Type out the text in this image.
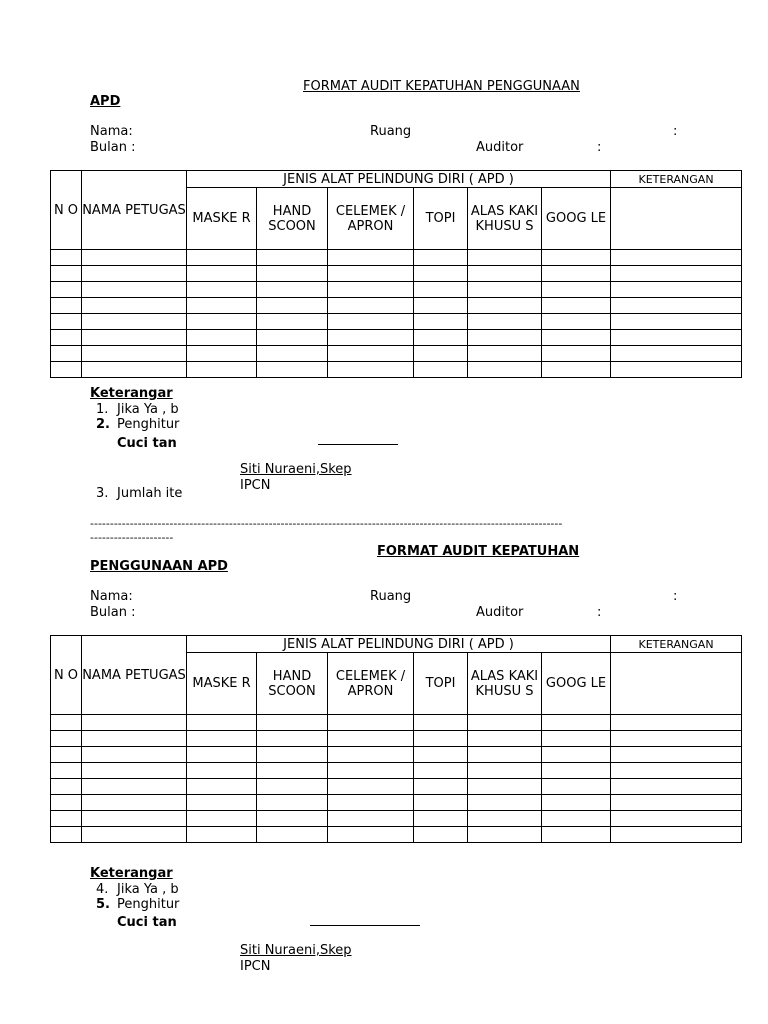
FORMAT AUDIT KEPATUHAN PENGGUNAAN
APD
Nama:	Ruang	:
Bulan :	Auditor	:
N O	NAMA PETUGAS	JENIS ALAT PELINDUNG DIRI ( APD )						KETERANGAN
		MASKE R	HAND SCOON	CELEMEK / APRON	TOPI	ALAS KAKI KHUSU S	GOOG LE	

Keterangar
1. Jika Ya , b
2. Penghitur
Cuci tan
Siti Nuraeni,Skep
IPCN
3. Jumlah ite
-----------------------------------------------------------------------------------------------------------------------
---------------------
FORMAT AUDIT KEPATUHAN
PENGGUNAAN APD
Nama:	Ruang	:
Bulan :	Auditor	:
N O	NAMA PETUGAS	JENIS ALAT PELINDUNG DIRI ( APD )						KETERANGAN
		MASKE R	HAND SCOON	CELEMEK / APRON	TOPI	ALAS KAKI KHUSU S	GOOG LE	

Keterangar
4. Jika Ya , b
5. Penghitur
Cuci tan
Siti Nuraeni,Skep
IPCN
